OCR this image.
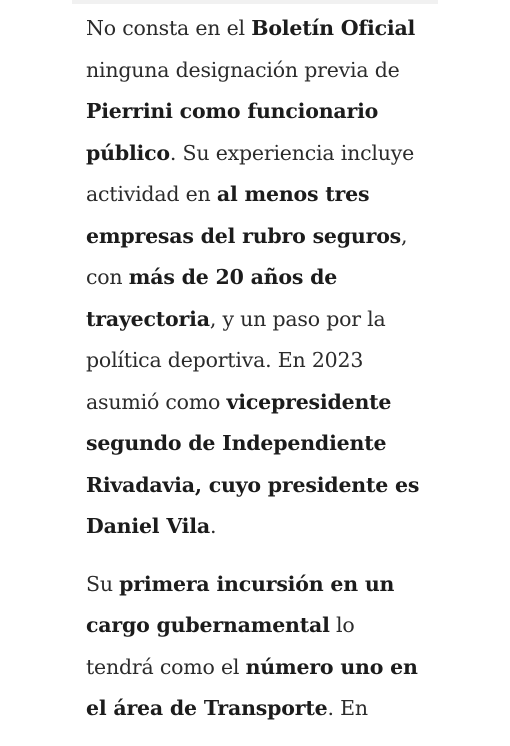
No consta en el Boletín Oficial ninguna designación previa de Pierrini como funcionario público. Su experiencia incluye actividad en al menos tres empresas del rubro seguros, con más de 20 años de trayectoria, y un paso por la política deportiva. En 2023 asumió como vicepresidente segundo de Independiente Rivadavia, cuyo presidente es Daniel Vila.

Su primera incursión en un cargo gubernamental lo tendrá como el número uno en el área de Transporte. En
